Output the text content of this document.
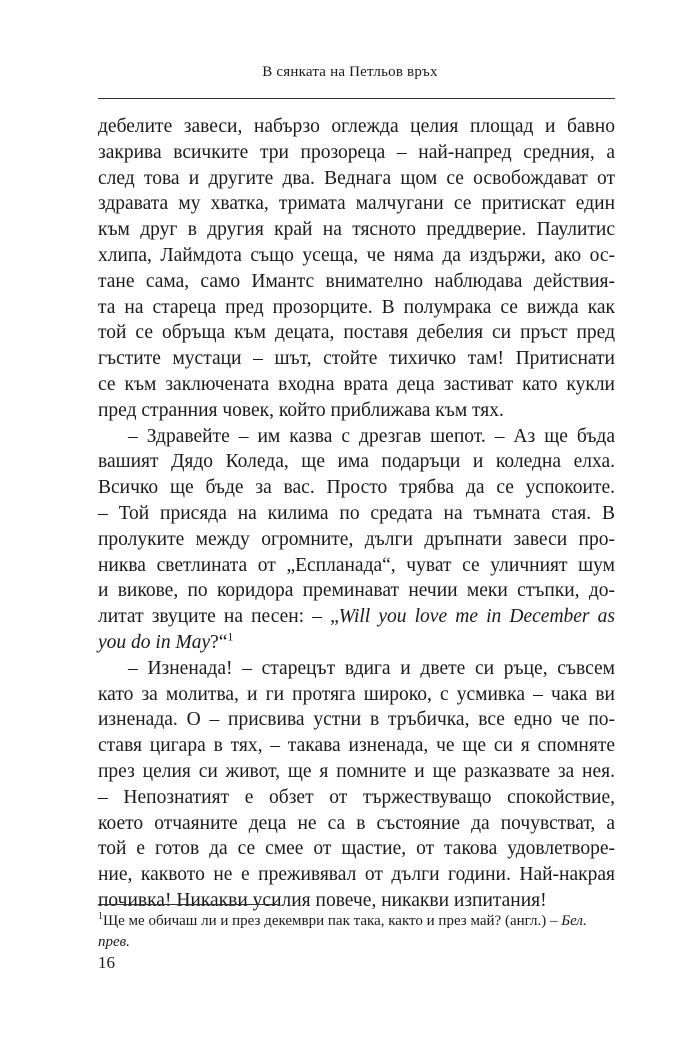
В сянката на Петльов връх
дебелите завеси, набързо оглежда целия площад и бавно
закрива всичките три прозореца – най-напред средния, а
след това и другите два. Веднага щом се освобождават от
здравата му хватка, тримата малчугани се притискат един
към друг в другия край на тясното преддверие. Паулитис
хлипа, Лаймдота също усеща, че няма да издържи, ако ос-
тане сама, само Имантс внимателно наблюдава действия-
та на стареца пред прозорците. В полумрака се вижда как
той се обръща към децата, поставя дебелия си пръст пред
гъстите мустаци – шът, стойте тихичко там! Притиснати
се към заключената входна врата деца застиват като кукли
пред странния човек, който приближава към тях.
– Здравейте – им казва с дрезгав шепот. – Аз ще бъда
вашият Дядо Коледа, ще има подаръци и коледна елха.
Всичко ще бъде за вас. Просто трябва да се успокоите.
– Той присяда на килима по средата на тъмната стая. В
пролуките между огромните, дълги дръпнати завеси про-
никва светлината от „Еспланада“, чуват се уличният шум
и викове, по коридора преминават нечии меки стъпки, до-
литат звуците на песен: – „Will you love me in December as
you do in May?“$^1$
– Изненада! – старецът вдига и двете си ръце, съвсем
като за молитва, и ги протяга широко, с усмивка – чака ви
изненада. О – присвива устни в тръбичка, все едно че по-
ставя цигара в тях, – такава изненада, че ще си я спомняте
през целия си живот, ще я помните и ще разказвате за нея.
– Непознатият е обзет от тържествуващо спокойствие,
което отчаяните деца не са в състояние да почувстват, а
той е готов да се смее от щастие, от такова удовлетворе-
ние, каквото не е преживявал от дълги години. Най-накрая
почивка! Никакви усилия повече, никакви изпитания!
$^1$Ще ме обичаш ли и през декември пак така, както и през май? (англ.) – Бел. прев.
16
